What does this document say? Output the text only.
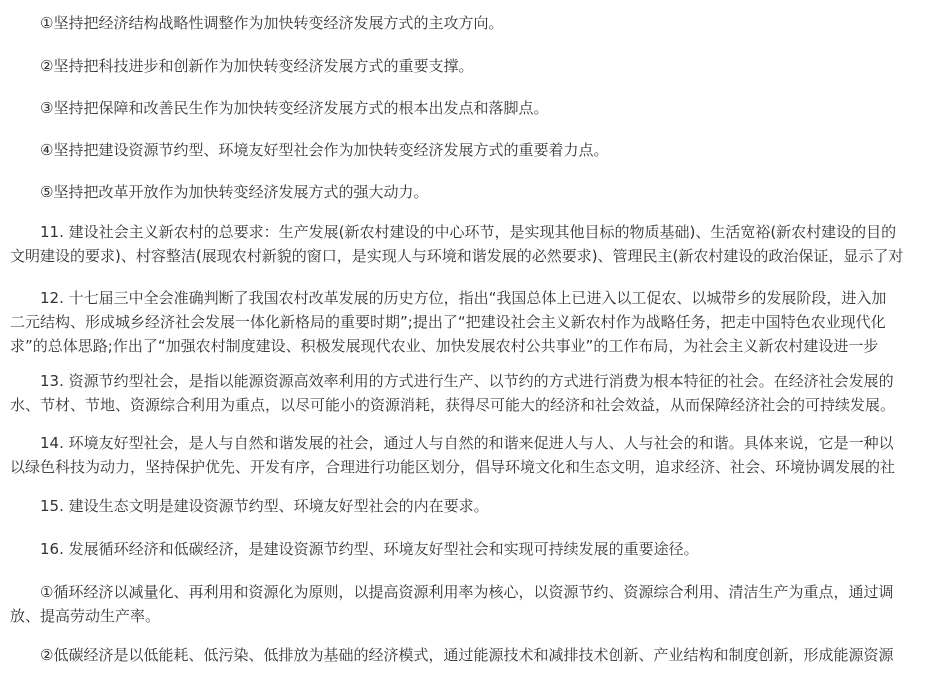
①坚持把经济结构战略性调整作为加快转变经济发展方式的主攻方向。
②坚持把科技进步和创新作为加快转变经济发展方式的重要支撑。
③坚持把保障和改善民生作为加快转变经济发展方式的根本出发点和落脚点。
④坚持把建设资源节约型、环境友好型社会作为加快转变经济发展方式的重要着力点。
⑤坚持把改革开放作为加快转变经济发展方式的强大动力。
11. 建设社会主义新农村的总要求：生产发展(新农村建设的中心环节，是实现其他目标的物质基础)、生活宽裕(新农村建设的目的
文明建设的要求)、村容整洁(展现农村新貌的窗口，是实现人与环境和谐发展的必然要求)、管理民主(新农村建设的政治保证，显示了对
12. 十七届三中全会准确判断了我国农村改革发展的历史方位，指出“我国总体上已进入以工促农、以城带乡的发展阶段，进入加
二元结构、形成城乡经济社会发展一体化新格局的重要时期”;提出了“把建设社会主义新农村作为战略任务，把走中国特色农业现代化
求”的总体思路;作出了“加强农村制度建设、积极发展现代农业、加快发展农村公共事业”的工作布局，为社会主义新农村建设进一步
13. 资源节约型社会，是指以能源资源高效率利用的方式进行生产、以节约的方式进行消费为根本特征的社会。在经济社会发展的
水、节材、节地、资源综合利用为重点，以尽可能小的资源消耗，获得尽可能大的经济和社会效益，从而保障经济社会的可持续发展。
14. 环境友好型社会，是人与自然和谐发展的社会，通过人与自然的和谐来促进人与人、人与社会的和谐。具体来说，它是一种以
以绿色科技为动力，坚持保护优先、开发有序，合理进行功能区划分，倡导环境文化和生态文明，追求经济、社会、环境协调发展的社
15. 建设生态文明是建设资源节约型、环境友好型社会的内在要求。
16. 发展循环经济和低碳经济，是建设资源节约型、环境友好型社会和实现可持续发展的重要途径。
①循环经济以减量化、再利用和资源化为原则，以提高资源利用率为核心，以资源节约、资源综合利用、清洁生产为重点，通过调
放、提高劳动生产率。
②低碳经济是以低能耗、低污染、低排放为基础的经济模式，通过能源技术和减排技术创新、产业结构和制度创新，形成能源资源
